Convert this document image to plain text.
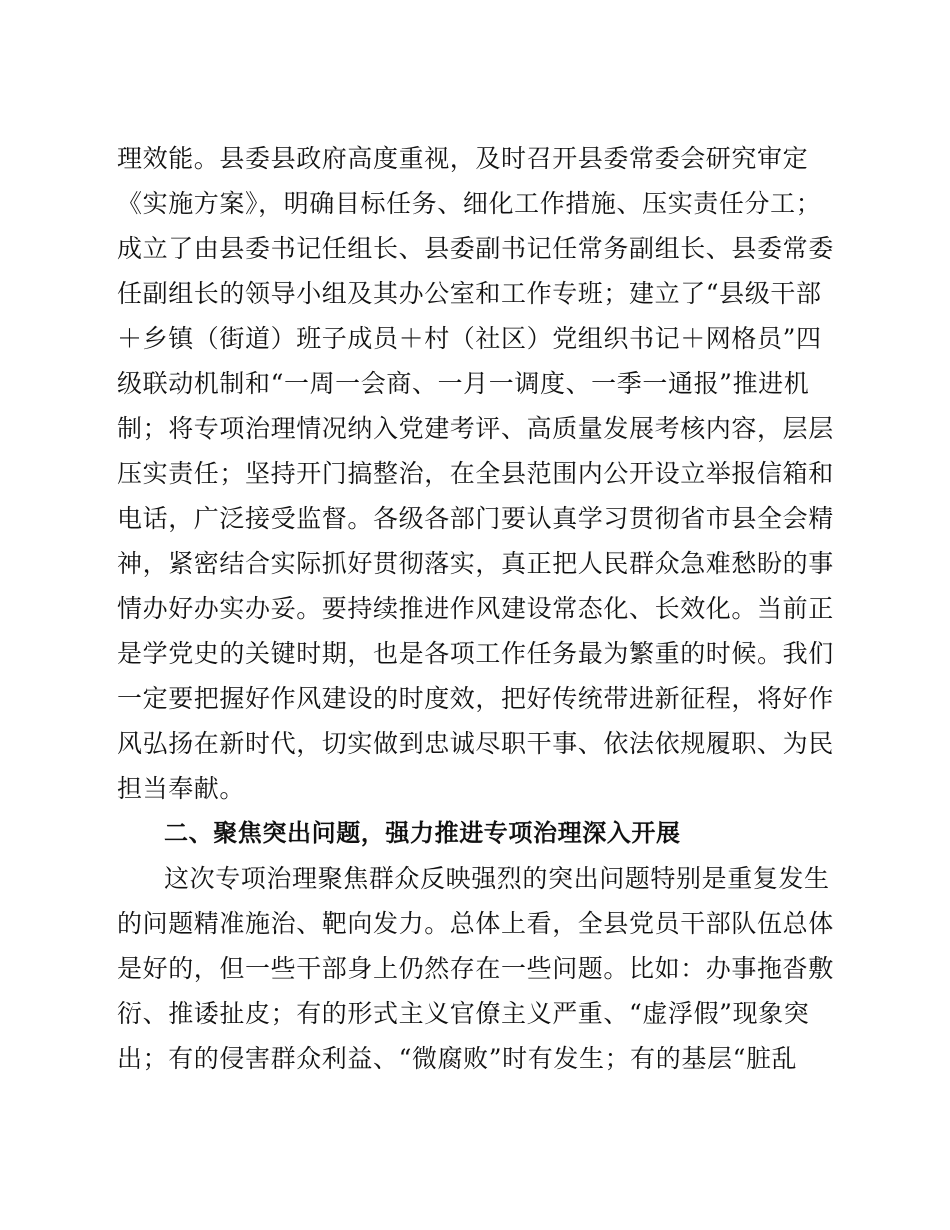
理效能。县委县政府高度重视，及时召开县委常委会研究审定
《实施方案》，明确目标任务、细化工作措施、压实责任分工；
成立了由县委书记任组长、县委副书记任常务副组长、县委常委
任副组长的领导小组及其办公室和工作专班；建立了“县级干部
＋乡镇（街道）班子成员＋村（社区）党组织书记＋网格员”四
级联动机制和“一周一会商、一月一调度、一季一通报”推进机
制；将专项治理情况纳入党建考评、高质量发展考核内容，层层
压实责任；坚持开门搞整治，在全县范围内公开设立举报信箱和
电话，广泛接受监督。各级各部门要认真学习贯彻省市县全会精
神，紧密结合实际抓好贯彻落实，真正把人民群众急难愁盼的事
情办好办实办妥。要持续推进作风建设常态化、长效化。当前正
是学党史的关键时期，也是各项工作任务最为繁重的时候。我们
一定要把握好作风建设的时度效，把好传统带进新征程，将好作
风弘扬在新时代，切实做到忠诚尽职干事、依法依规履职、为民
担当奉献。
二、聚焦突出问题，强力推进专项治理深入开展
这次专项治理聚焦群众反映强烈的突出问题特别是重复发生
的问题精准施治、靶向发力。总体上看，全县党员干部队伍总体
是好的，但一些干部身上仍然存在一些问题。比如：办事拖沓敷
衍、推诿扯皮；有的形式主义官僚主义严重、“虚浮假”现象突
出；有的侵害群众利益、“微腐败”时有发生；有的基层“脏乱
